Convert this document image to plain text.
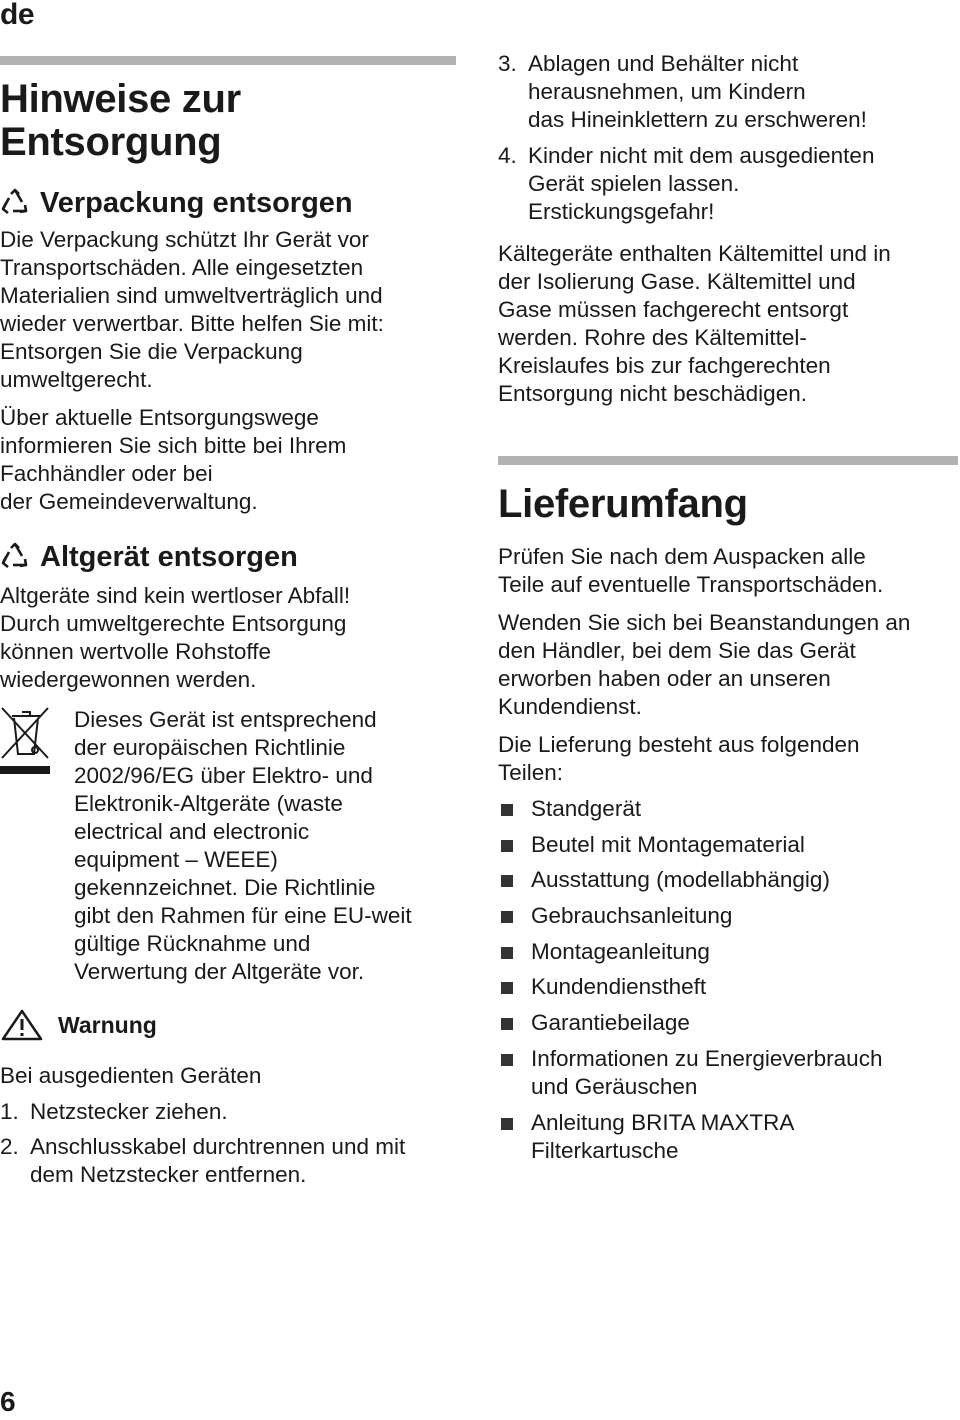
de
Hinweise zur
Entsorgung
Verpackung entsorgen

Die Verpackung schützt Ihr Gerät vor
Transportschäden. Alle eingesetzten
Materialien sind umweltverträglich und
wieder verwertbar. Bitte helfen Sie mit:
Entsorgen Sie die Verpackung
umweltgerecht.

Über aktuelle Entsorgungswege
informieren Sie sich bitte bei Ihrem
Fachhändler oder bei
der Gemeindeverwaltung.

Altgerät entsorgen

Altgeräte sind kein wertloser Abfall!
Durch umweltgerechte Entsorgung
können wertvolle Rohstoffe
wiedergewonnen werden.

Dieses Gerät ist entsprechend
der europäischen Richtlinie
2002/96/EG über Elektro- und
Elektronik-Altgeräte (waste
electrical and electronic
equipment – WEEE)
gekennzeichnet. Die Richtlinie
gibt den Rahmen für eine EU-weit
gültige Rücknahme und
Verwertung der Altgeräte vor.

Warnung

Bei ausgedienten Geräten

1. Netzstecker ziehen.
2. Anschlusskabel durchtrennen und mit
dem Netzstecker entfernen.
3. Ablagen und Behälter nicht
herausnehmen, um Kindern
das Hineinklettern zu erschweren!
4. Kinder nicht mit dem ausgedienten
Gerät spielen lassen.
Erstickungsgefahr!

Kältegeräte enthalten Kältemittel und in
der Isolierung Gase. Kältemittel und
Gase müssen fachgerecht entsorgt
werden. Rohre des Kältemittel-
Kreislaufes bis zur fachgerechten
Entsorgung nicht beschädigen.

Lieferumfang

Prüfen Sie nach dem Auspacken alle
Teile auf eventuelle Transportschäden.

Wenden Sie sich bei Beanstandungen an
den Händler, bei dem Sie das Gerät
erworben haben oder an unseren
Kundendienst.

Die Lieferung besteht aus folgenden
Teilen:

Standgerät
Beutel mit Montagematerial
Ausstattung (modellabhängig)
Gebrauchsanleitung
Montageanleitung
Kundendienstheft
Garantiebeilage
Informationen zu Energieverbrauch
und Geräuschen
Anleitung BRITA MAXTRA
Filterkartusche
6
